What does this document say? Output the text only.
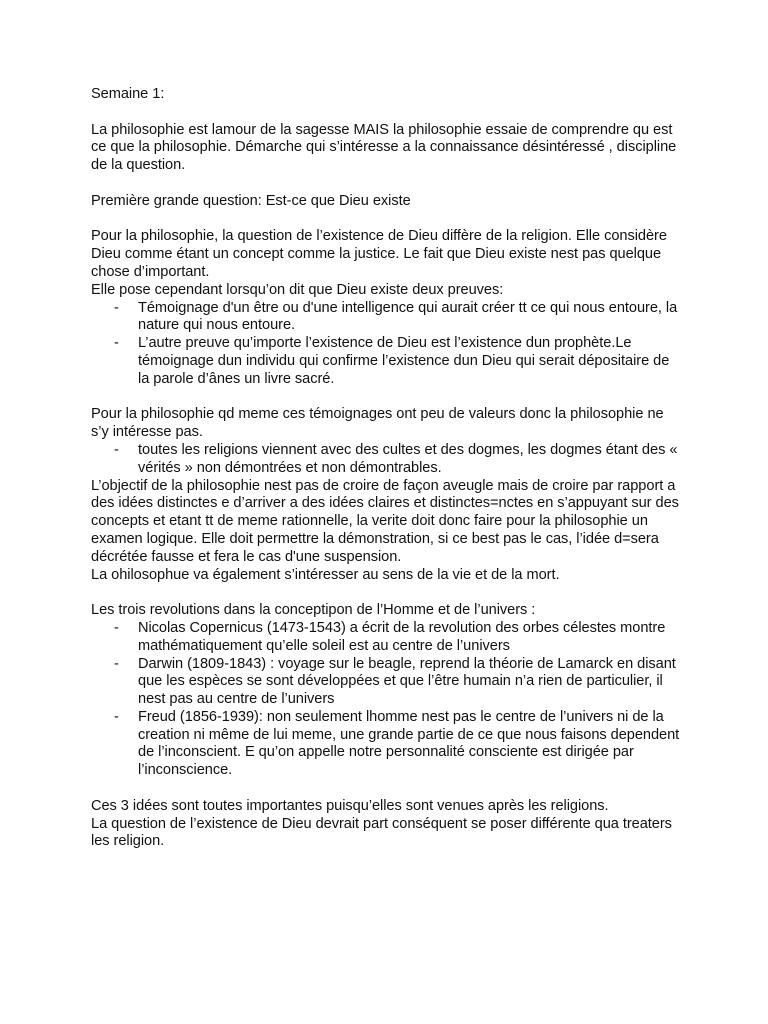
Semaine 1:

La philosophie est lamour de la sagesse MAIS la philosophie essaie de comprendre qu est ce que la philosophie. Démarche qui s’intéresse a la connaissance désintéressé , discipline de la question.

Première grande question: Est-ce que Dieu existe

Pour la philosophie, la question de l’existence de Dieu diffère de la religion. Elle considère Dieu comme étant un concept comme la justice. Le fait que Dieu existe nest pas quelque chose d’important.

Elle pose cependant lorsqu’on dit que Dieu existe deux preuves:

- Témoignage d'un être ou d'une intelligence qui aurait créer tt ce qui nous entoure, la nature qui nous entoure.
- L’autre preuve qu’importe l’existence de Dieu est l’existence dun prophète.Le témoignage dun individu qui confirme l’existence dun Dieu qui serait dépositaire de la parole d’ânes un livre sacré.

Pour la philosophie qd meme ces témoignages ont peu de valeurs donc la philosophie ne s’y intéresse pas.

- toutes les religions viennent avec des cultes et des dogmes, les dogmes étant des « vérités » non démontrées et non démontrables.

L’objectif de la philosophie nest pas de croire de façon aveugle mais de croire par rapport a des idées distinctes e d’arriver a des idées claires et distinctes=nctes en s’appuyant sur des concepts et etant tt de meme rationnelle, la verite doit donc faire pour la philosophie un examen logique. Elle doit permettre la démonstration, si ce best pas le cas, l’idée d=sera décrétée fausse et fera le cas d'une suspension.

La ohilosophue va également s’intéresser au sens de la vie et de la mort.

Les trois revolutions dans la conceptipon de l’Homme et de l’univers :

- Nicolas Copernicus (1473-1543) a écrit de la revolution des orbes célestes montre mathématiquement qu’elle soleil est au centre de l’univers
- Darwin (1809-1843) : voyage sur le beagle, reprend la théorie de Lamarck en disant que les espèces se sont développées et que l’être humain n’a rien de particulier, il nest pas au centre de l’univers
- Freud (1856-1939): non seulement lhomme nest pas le centre de l’univers ni de la creation ni même de lui meme, une grande partie de ce que nous faisons dependent de l’inconscient. E qu’on appelle notre personnalité consciente est dirigée par l’inconscience.

Ces 3 idées sont toutes importantes puisqu’elles sont venues après les religions.

La question de l’existence de Dieu devrait part conséquent se poser différente qua treaters les religion.
